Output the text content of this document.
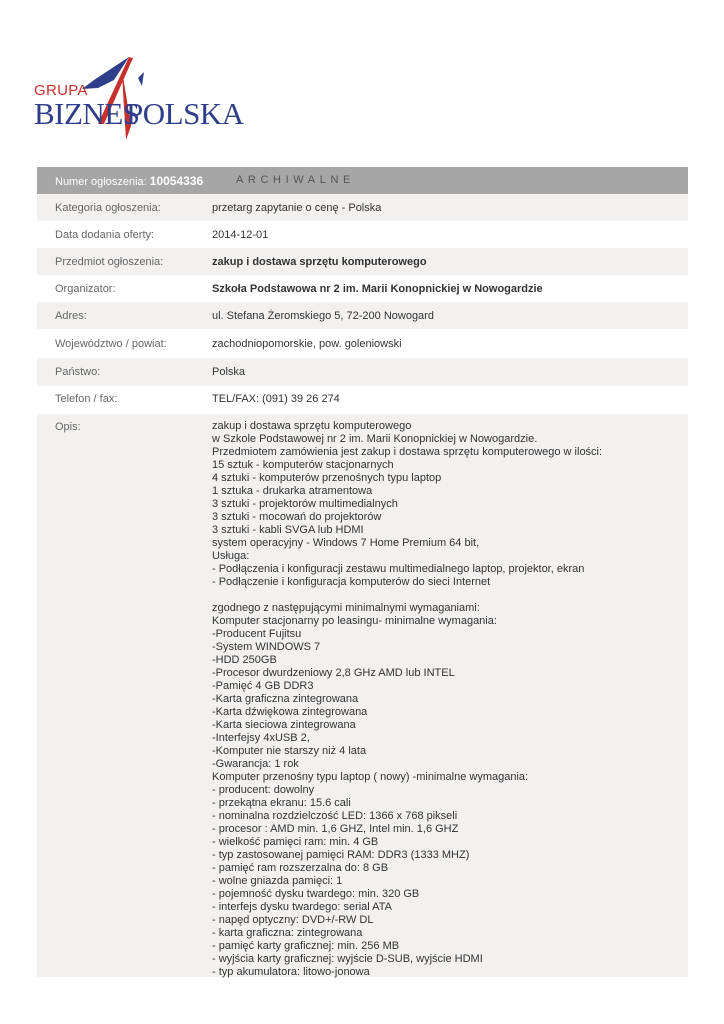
GRUPA
BIZNES
POLSKA
Numer ogłoszenia: 10054336	ARCHIWALNE
Kategoria ogłoszenia:	przetarg zapytanie o cenę - Polska
Data dodania oferty:	2014-12-01
Przedmiot ogłoszenia:	zakup i dostawa sprzętu komputerowego
Organizator:	Szkoła Podstawowa nr 2 im. Marii Konopnickiej w Nowogardzie
Adres:	ul. Stefana Żeromskiego 5, 72-200 Nowogard
Województwo / powiat:	zachodniopomorskie, pow. goleniowski
Państwo:	Polska
Telefon / fax:	TEL/FAX: (091) 39 26 274
Opis:	zakup i dostawa sprzętu komputerowego
w Szkole Podstawowej nr 2 im. Marii Konopnickiej w Nowogardzie.
Przedmiotem zamówienia jest zakup i dostawa sprzętu komputerowego w ilości:
15 sztuk - komputerów stacjonarnych
4 sztuki - komputerów przenośnych typu laptop
1 sztuka - drukarka atramentowa
3 sztuki - projektorów multimedialnych
3 sztuki - mocowań do projektorów
3 sztuki - kabli SVGA lub HDMI
system operacyjny - Windows 7 Home Premium 64 bit,
Usługa:
- Podłączenia i konfiguracji zestawu multimedialnego laptop, projektor, ekran
- Podłączenie i konfiguracja komputerów do sieci Internet
zgodnego z następującymi minimalnymi wymaganiami:
Komputer stacjonarny po leasingu- minimalne wymagania:
-Producent Fujitsu
-System WINDOWS 7
-HDD 250GB
-Procesor dwurdzeniowy 2,8 GHz AMD lub INTEL
-Pamięć 4 GB DDR3
-Karta graficzna zintegrowana
-Karta dźwiękowa zintegrowana
-Karta sieciowa zintegrowana
-Interfejsy 4xUSB 2,
-Komputer nie starszy niż 4 lata
-Gwarancja: 1 rok
Komputer przenośny typu laptop ( nowy) -minimalne wymagania:
- producent: dowolny
- przekątna ekranu: 15.6 cali
- nominalna rozdzielczość LED: 1366 x 768 pikseli
- procesor : AMD min. 1,6 GHZ, Intel min. 1,6 GHZ
- wielkość pamięci ram: min. 4 GB
- typ zastosowanej pamięci RAM: DDR3 (1333 MHZ)
- pamięć ram rozszerzalna do: 8 GB
- wolne gniazda pamięci: 1
- pojemność dysku twardego: min. 320 GB
- interfejs dysku twardego: serial ATA
- napęd optyczny: DVD+/-RW DL
- karta graficzna: zintegrowana
- pamięć karty graficznej: min. 256 MB
- wyjścia karty graficznej: wyjście D-SUB, wyjście HDMI
- typ akumulatora: litowo-jonowa
